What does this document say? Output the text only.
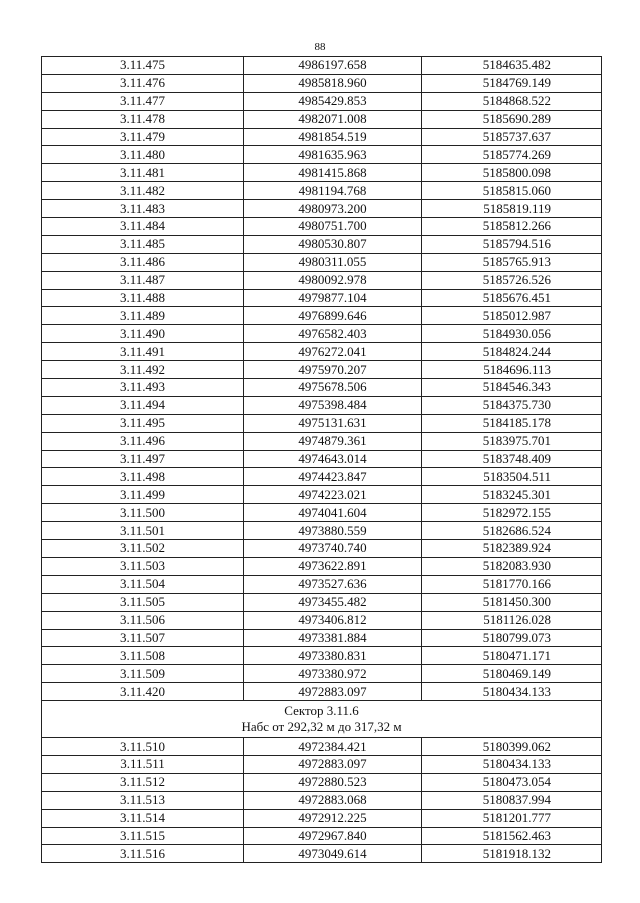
88
3.11.475	4986197.658	5184635.482
3.11.476	4985818.960	5184769.149
3.11.477	4985429.853	5184868.522
3.11.478	4982071.008	5185690.289
3.11.479	4981854.519	5185737.637
3.11.480	4981635.963	5185774.269
3.11.481	4981415.868	5185800.098
3.11.482	4981194.768	5185815.060
3.11.483	4980973.200	5185819.119
3.11.484	4980751.700	5185812.266
3.11.485	4980530.807	5185794.516
3.11.486	4980311.055	5185765.913
3.11.487	4980092.978	5185726.526
3.11.488	4979877.104	5185676.451
3.11.489	4976899.646	5185012.987
3.11.490	4976582.403	5184930.056
3.11.491	4976272.041	5184824.244
3.11.492	4975970.207	5184696.113
3.11.493	4975678.506	5184546.343
3.11.494	4975398.484	5184375.730
3.11.495	4975131.631	5184185.178
3.11.496	4974879.361	5183975.701
3.11.497	4974643.014	5183748.409
3.11.498	4974423.847	5183504.511
3.11.499	4974223.021	5183245.301
3.11.500	4974041.604	5182972.155
3.11.501	4973880.559	5182686.524
3.11.502	4973740.740	5182389.924
3.11.503	4973622.891	5182083.930
3.11.504	4973527.636	5181770.166
3.11.505	4973455.482	5181450.300
3.11.506	4973406.812	5181126.028
3.11.507	4973381.884	5180799.073
3.11.508	4973380.831	5180471.171
3.11.509	4973380.972	5180469.149
3.11.420	4972883.097	5180434.133

Сектор 3.11.6
Набс от 292,32 м до 317,32 м		

3.11.510	4972384.421	5180399.062
3.11.511	4972883.097	5180434.133
3.11.512	4972880.523	5180473.054
3.11.513	4972883.068	5180837.994
3.11.514	4972912.225	5181201.777
3.11.515	4972967.840	5181562.463
3.11.516	4973049.614	5181918.132
